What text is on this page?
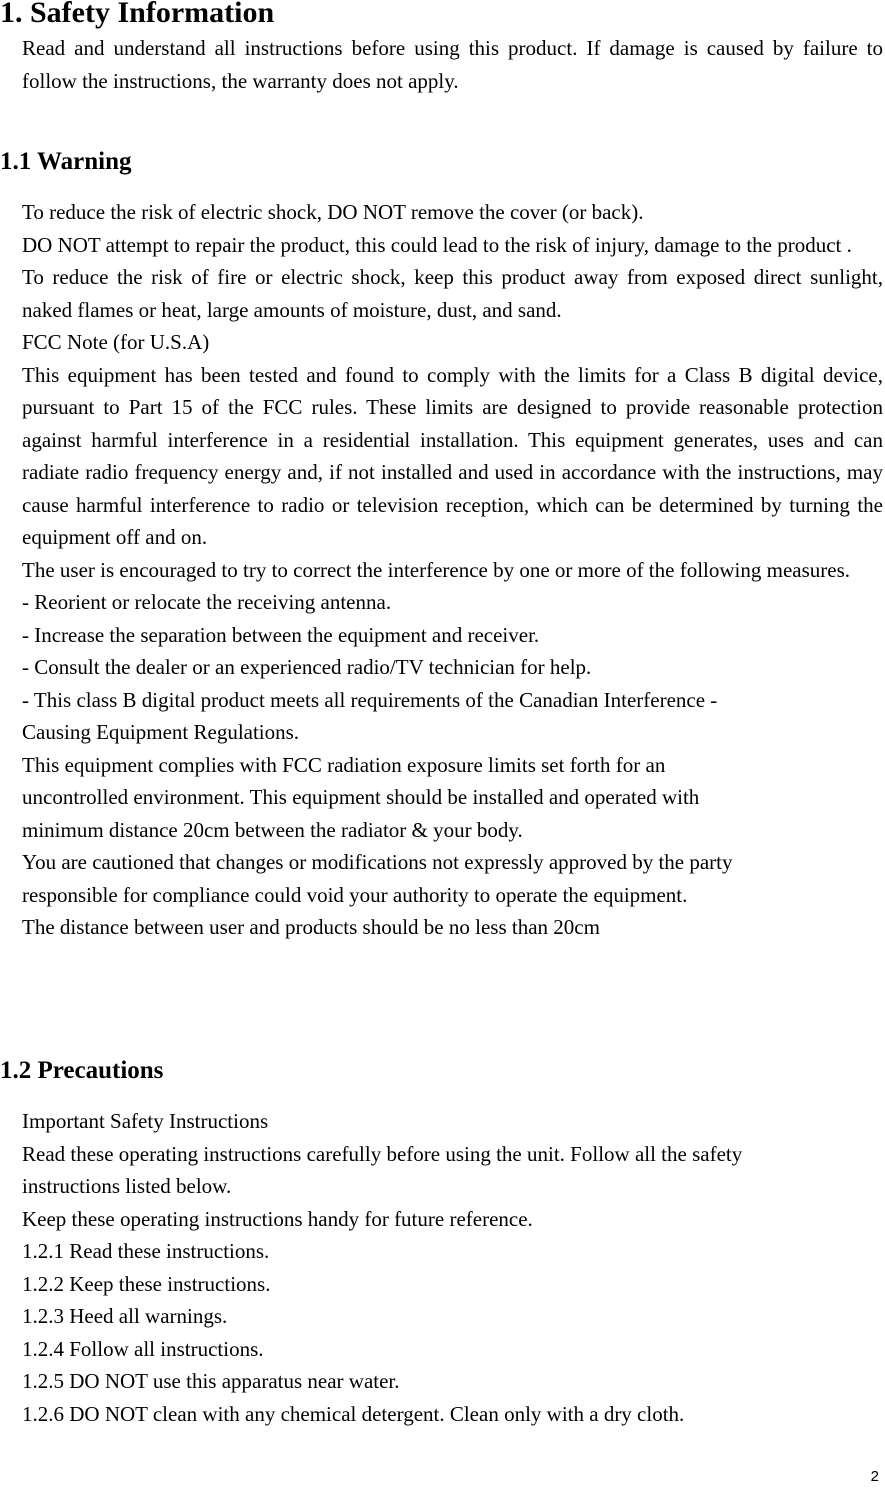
1. Safety Information

Read and understand all instructions before using this product. If damage is caused by failure to follow the instructions, the warranty does not apply.

1.1 Warning
To reduce the risk of electric shock, DO NOT remove the cover (or back).
DO NOT attempt to repair the product, this could lead to the risk of injury, damage to the product .
To reduce the risk of fire or electric shock, keep this product away from exposed direct sunlight, naked flames or heat, large amounts of moisture, dust, and sand.
FCC Note (for U.S.A)
This equipment has been tested and found to comply with the limits for a Class B digital device, pursuant to Part 15 of the FCC rules. These limits are designed to provide reasonable protection against harmful interference in a residential installation. This equipment generates, uses and can radiate radio frequency energy and, if not installed and used in accordance with the instructions, may cause harmful interference to radio or television reception, which can be determined by turning the equipment off and on.
The user is encouraged to try to correct the interference by one or more of the following measures.
- Reorient or relocate the receiving antenna.
- Increase the separation between the equipment and receiver.
- Consult the dealer or an experienced radio/TV technician for help.
- This class B digital product meets all requirements of the Canadian Interference -
Causing Equipment Regulations.
This equipment complies with FCC radiation exposure limits set forth for an
uncontrolled environment. This equipment should be installed and operated with
minimum distance 20cm between the radiator & your body.
You are cautioned that changes or modifications not expressly approved by the party
responsible for compliance could void your authority to operate the equipment.
The distance between user and products should be no less than 20cm
1.2 Precautions
Important Safety Instructions
Read these operating instructions carefully before using the unit. Follow all the safety
instructions listed below.
Keep these operating instructions handy for future reference.
1.2.1 Read these instructions.
1.2.2 Keep these instructions.
1.2.3 Heed all warnings.
1.2.4 Follow all instructions.
1.2.5 DO NOT use this apparatus near water.
1.2.6 DO NOT clean with any chemical detergent. Clean only with a dry cloth.
2
